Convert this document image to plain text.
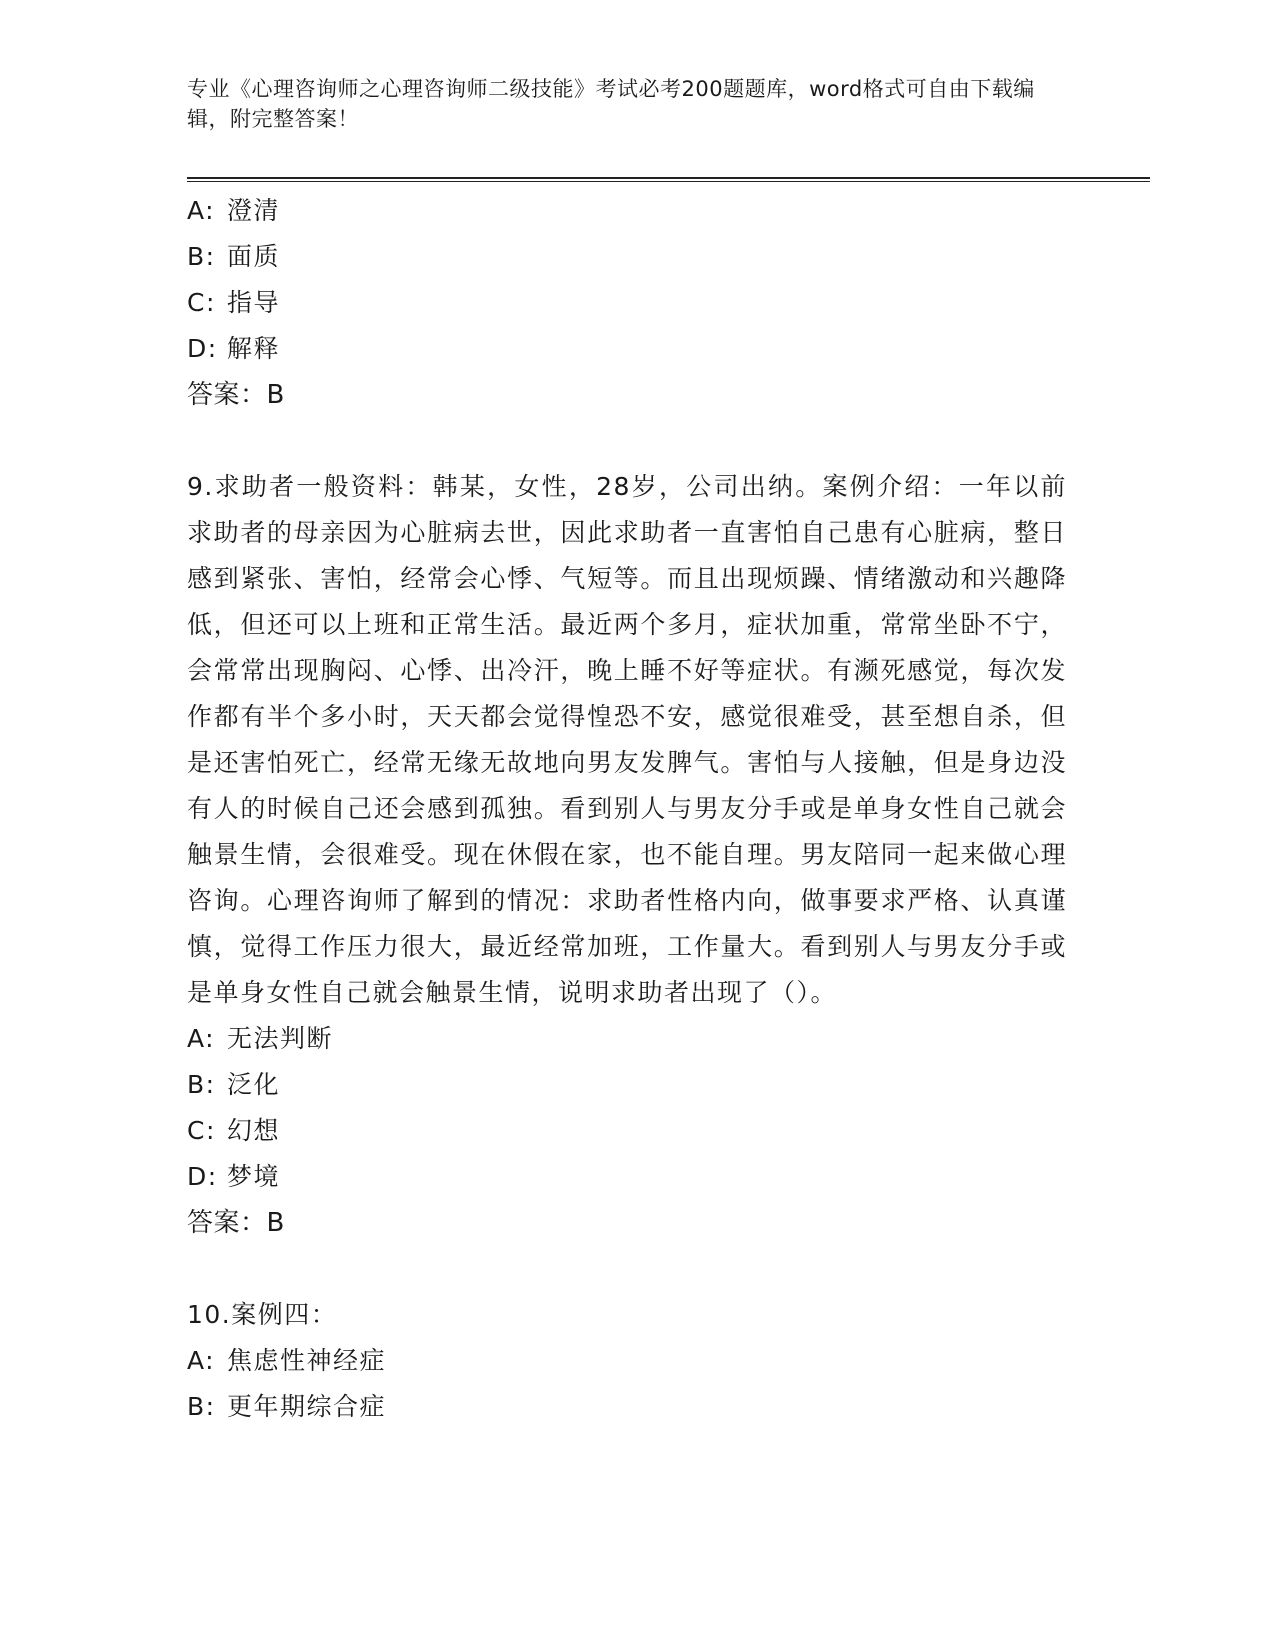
专业《心理咨询师之心理咨询师二级技能》考试必考200题题库，word格式可自由下载编辑，附完整答案！
A: 澄清
B: 面质
C: 指导
D: 解释
答案：B
9.求助者一般资料：韩某，女性，28岁，公司出纳。案例介绍：一年以前求助者的母亲因为心脏病去世，因此求助者一直害怕自己患有心脏病，整日感到紧张、害怕，经常会心悸、气短等。而且出现烦躁、情绪激动和兴趣降低，但还可以上班和正常生活。最近两个多月，症状加重，常常坐卧不宁，会常常出现胸闷、心悸、出冷汗，晚上睡不好等症状。有濒死感觉，每次发作都有半个多小时，天天都会觉得惶恐不安，感觉很难受，甚至想自杀，但是还害怕死亡，经常无缘无故地向男友发脾气。害怕与人接触，但是身边没有人的时候自己还会感到孤独。看到别人与男友分手或是单身女性自己就会触景生情，会很难受。现在休假在家，也不能自理。男友陪同一起来做心理咨询。心理咨询师了解到的情况：求助者性格内向，做事要求严格、认真谨慎，觉得工作压力很大，最近经常加班，工作量大。看到别人与男友分手或是单身女性自己就会触景生情，说明求助者出现了（）。
A: 无法判断
B: 泛化
C: 幻想
D: 梦境
答案：B
10.案例四：
A: 焦虑性神经症
B: 更年期综合症
